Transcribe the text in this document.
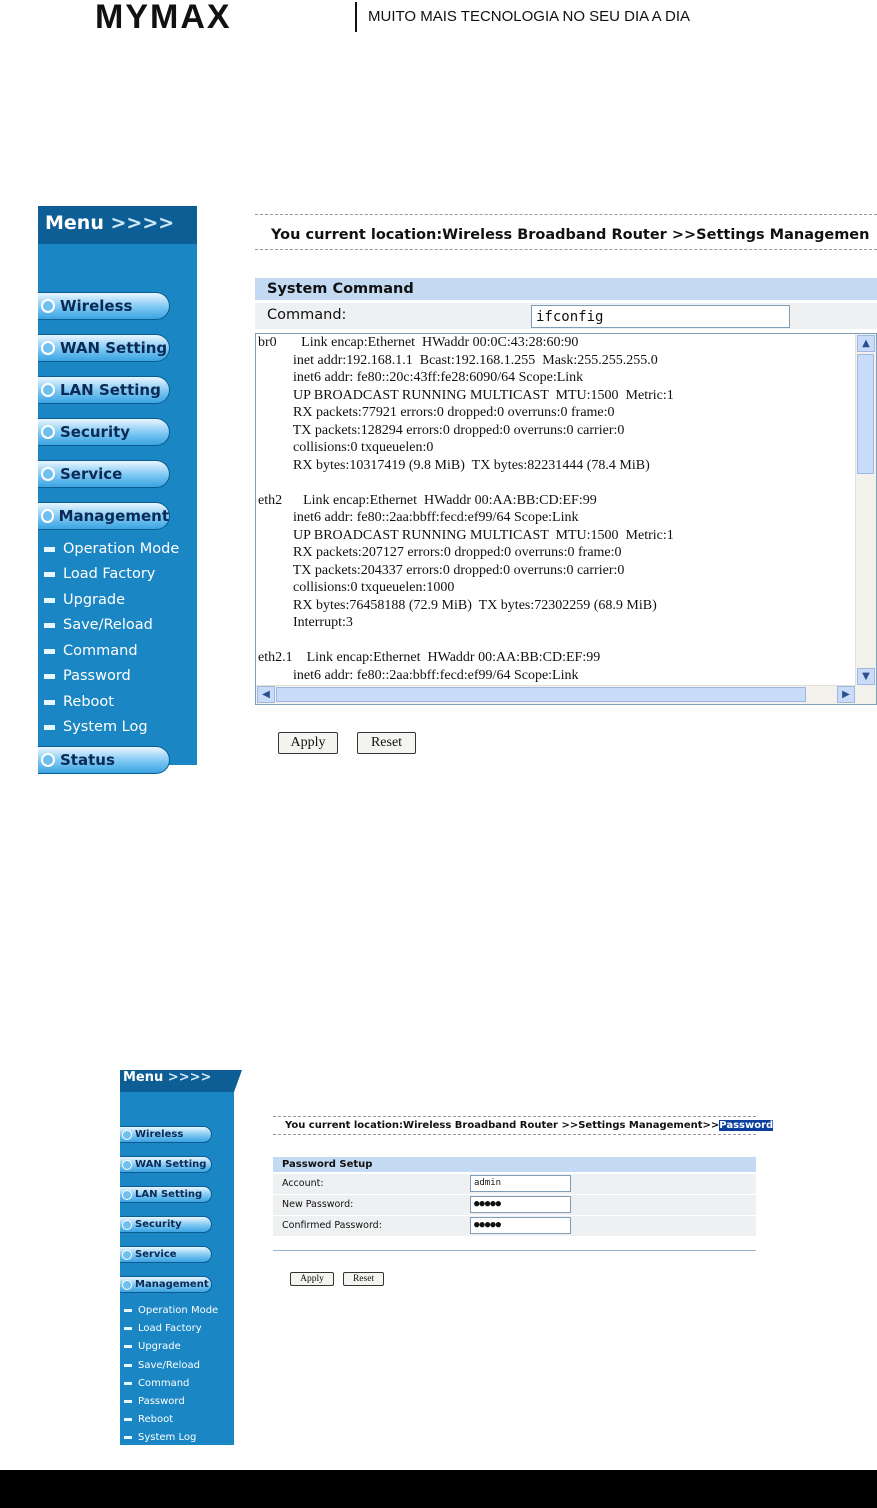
MYMAX	MUITO MAIS TECNOLOGIA NO SEU DIA A DIA
Menu >>>>
Wireless
WAN Setting
LAN Setting
Security
Service
Management
Operation Mode
Load Factory
Upgrade
Save/Reload
Command
Password
Reboot
System Log
Status
You current location:Wireless Broadband Router >>Settings Managemen
System Command
Command:	ifconfig
br0       Link encap:Ethernet  HWaddr 00:0C:43:28:60:90
inet addr:192.168.1.1  Bcast:192.168.1.255  Mask:255.255.255.0
inet6 addr: fe80::20c:43ff:fe28:6090/64 Scope:Link
UP BROADCAST RUNNING MULTICAST  MTU:1500  Metric:1
RX packets:77921 errors:0 dropped:0 overruns:0 frame:0
TX packets:128294 errors:0 dropped:0 overruns:0 carrier:0
collisions:0 txqueuelen:0
RX bytes:10317419 (9.8 MiB)  TX bytes:82231444 (78.4 MiB)

eth2      Link encap:Ethernet  HWaddr 00:AA:BB:CD:EF:99
inet6 addr: fe80::2aa:bbff:fecd:ef99/64 Scope:Link
UP BROADCAST RUNNING MULTICAST  MTU:1500  Metric:1
RX packets:207127 errors:0 dropped:0 overruns:0 frame:0
TX packets:204337 errors:0 dropped:0 overruns:0 carrier:0
collisions:0 txqueuelen:1000
RX bytes:76458188 (72.9 MiB)  TX bytes:72302259 (68.9 MiB)
Interrupt:3

eth2.1    Link encap:Ethernet  HWaddr 00:AA:BB:CD:EF:99
inet6 addr: fe80::2aa:bbff:fecd:ef99/64 Scope:Link
▲
▼
◀	▶
Apply	Reset
Menu >>>>
Wireless
WAN Setting
LAN Setting
Security
Service
Management
Operation Mode
Load Factory
Upgrade
Save/Reload
Command
Password
Reboot
System Log
You current location:Wireless Broadband Router >>Settings Management>>Password
Password Setup
Account:	admin
New Password:	●●●●●
Confirmed Password:	●●●●●
Apply	Reset
